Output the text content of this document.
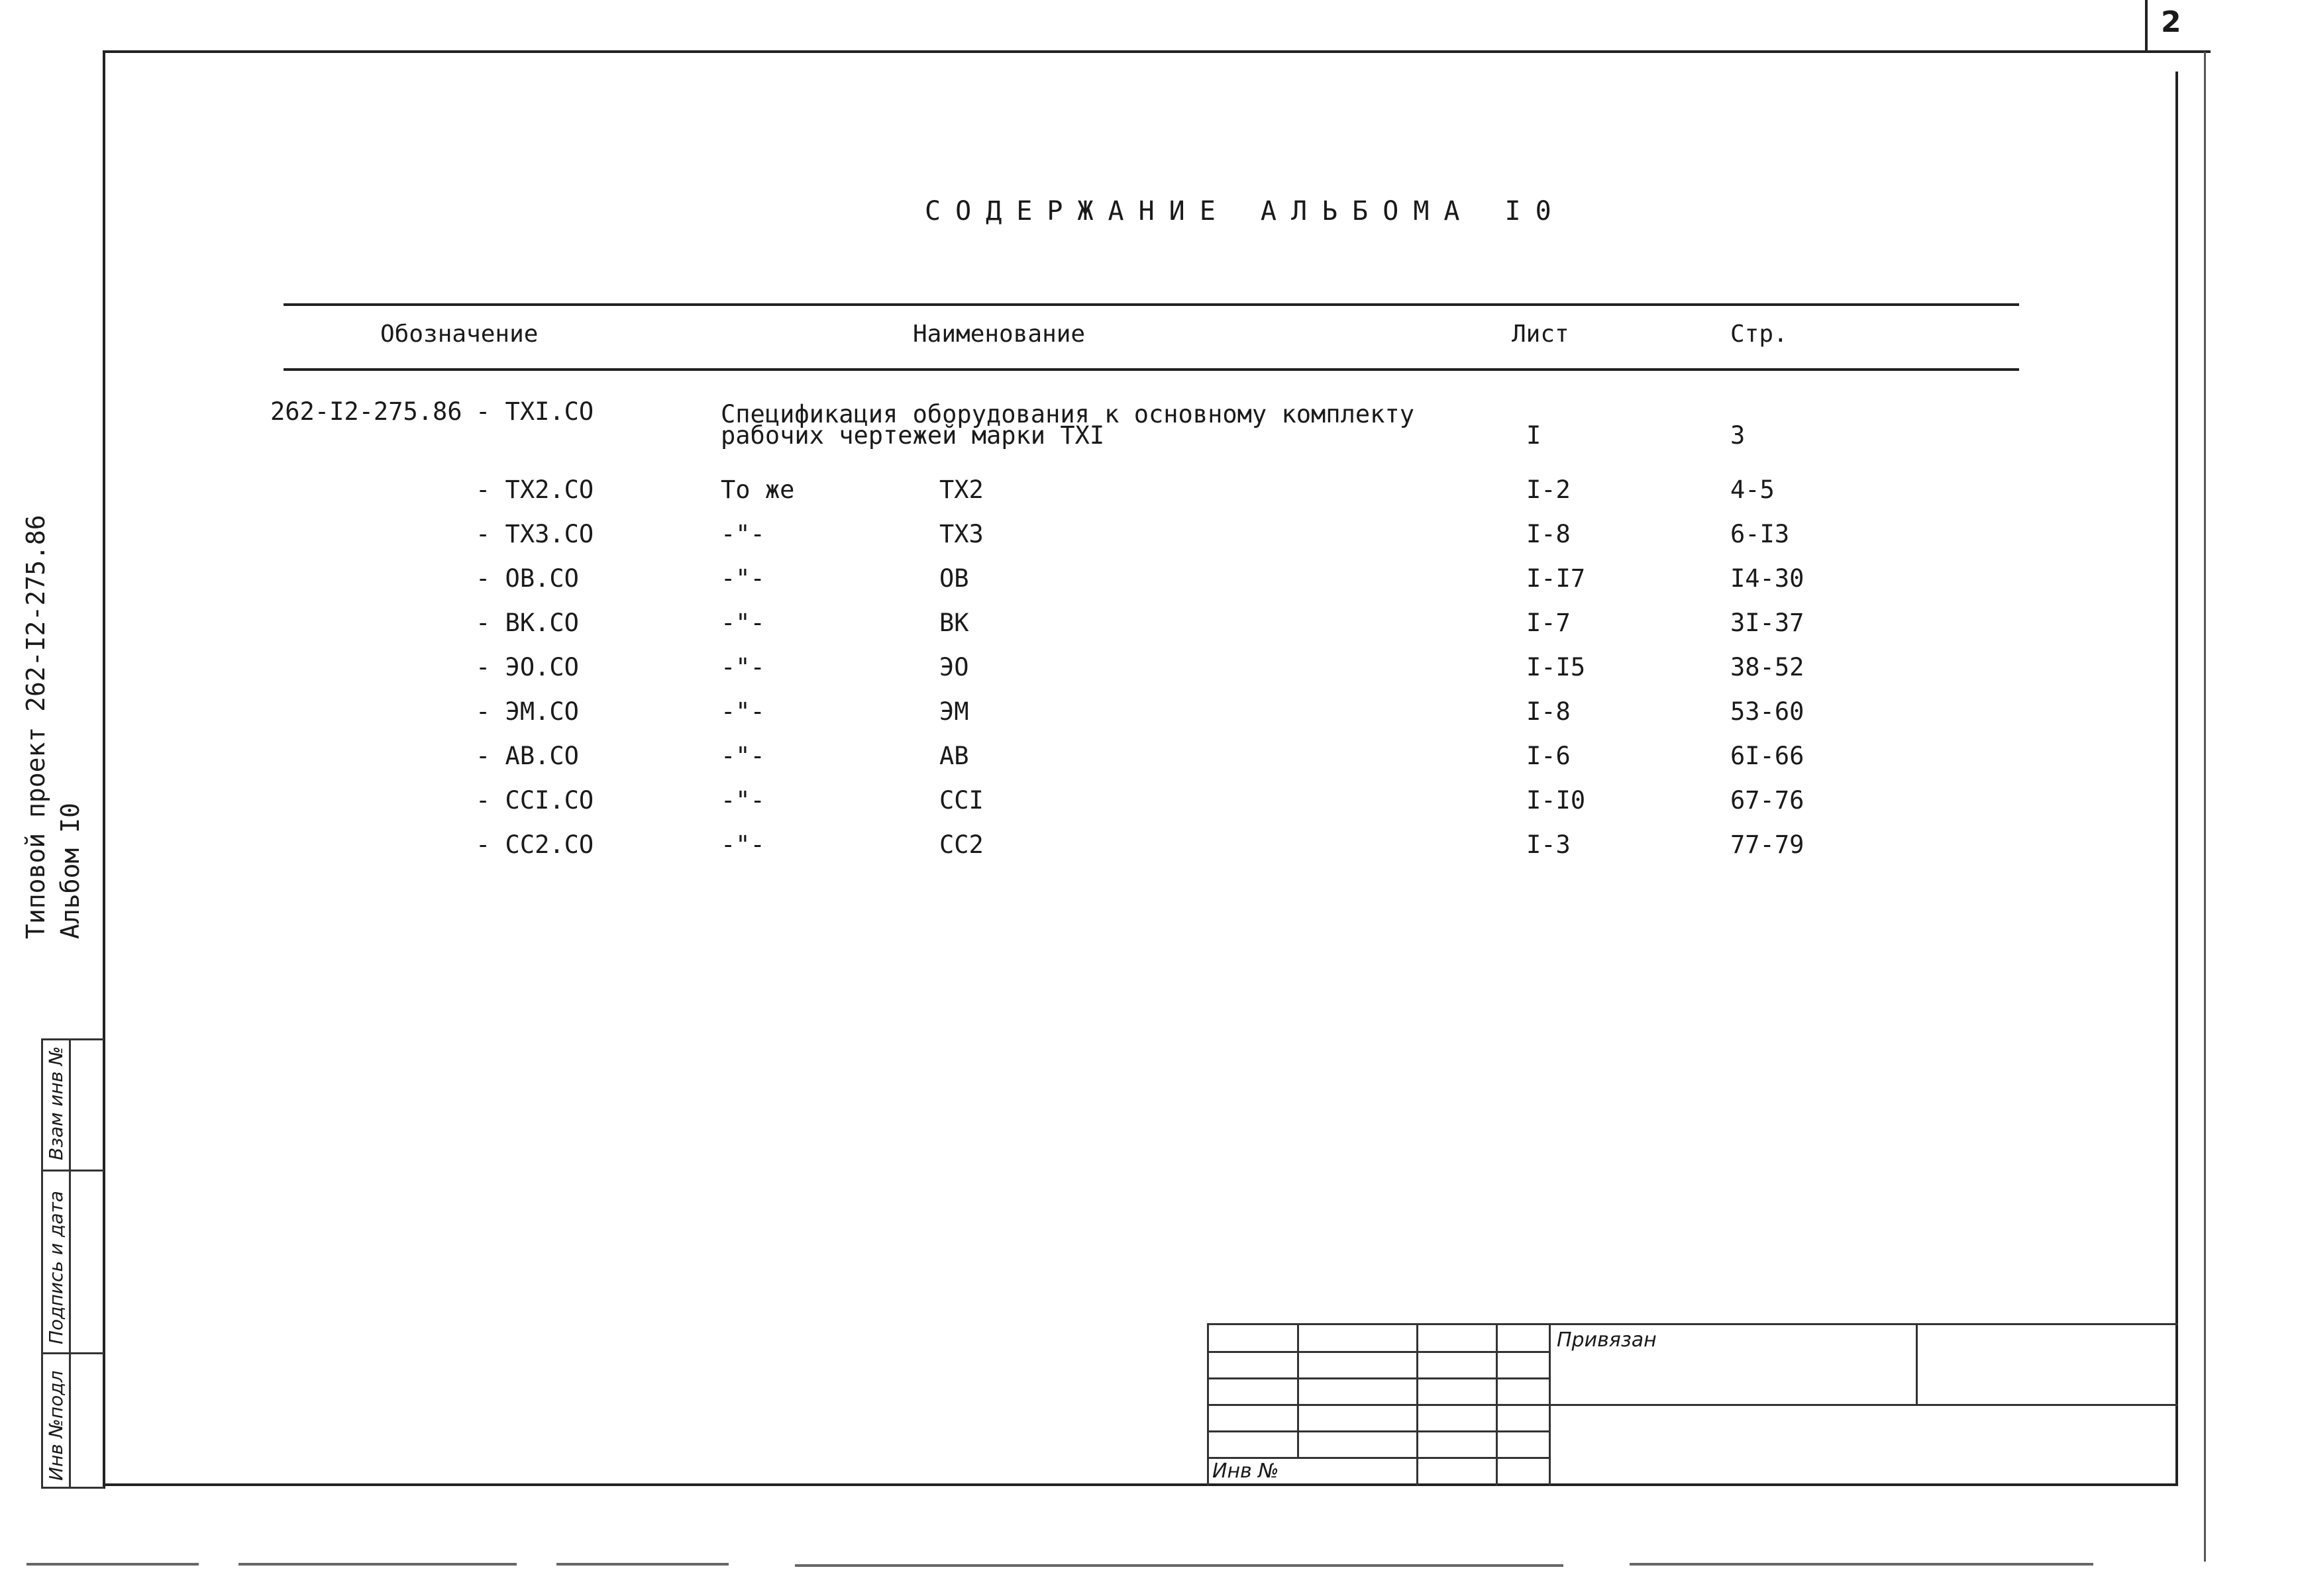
2
СОДЕРЖАНИЕ АЛЬБОМА I0
Обозначение	Наименование	Лист	Стр.
262-I2-275.86 - ТХI.СО	Спецификация оборудования к основному комплекту
рабочих чертежей марки ТХI	I	3
- ТХ2.СО	То же	ТХ2	I-2	4-5
- ТХ3.СО	-"-	ТХ3	I-8	6-I3
- ОВ.СО	-"-	ОВ	I-I7	I4-30
- ВК.СО	-"-	ВК	I-7	3I-37
- ЭО.СО	-"-	ЭО	I-I5	38-52
- ЭМ.СО	-"-	ЭМ	I-8	53-60
- АВ.СО	-"-	АВ	I-6	6I-66
- ССI.СО	-"-	ССI	I-I0	67-76
- СС2.СО	-"-	СС2	I-3	77-79
Типовой проект 262-I2-275.86 Альбом I0
Взам инв №
Подпись и дата
Инв №подл
Привязан
Инв №
